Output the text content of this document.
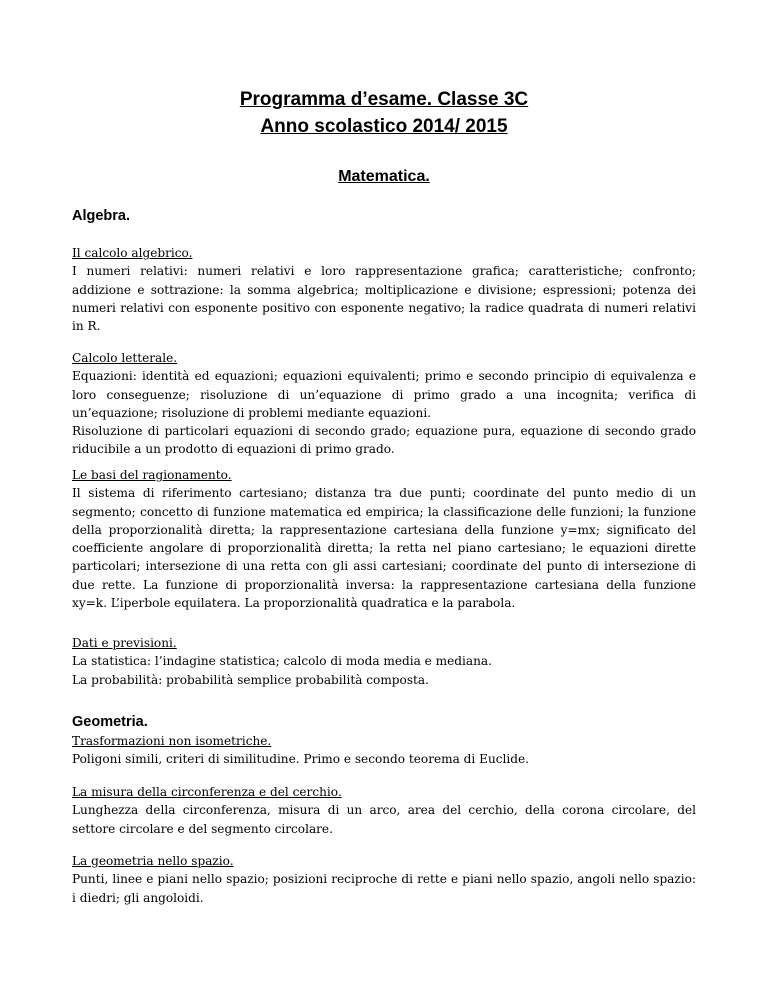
Programma d’esame. Classe 3C
Anno scolastico 2014/ 2015
Matematica.
Algebra.
Il calcolo algebrico.

I numeri relativi: numeri relativi e loro rappresentazione grafica; caratteristiche; confronto; addizione e sottrazione: la somma algebrica; moltiplicazione e divisione; espressioni; potenza dei numeri relativi con esponente positivo con esponente negativo; la radice quadrata di numeri relativi in R.

Calcolo letterale.

Equazioni: identità ed equazioni; equazioni equivalenti; primo e secondo principio di equivalenza e loro conseguenze; risoluzione di un’equazione di primo grado a una incognita; verifica di un’equazione; risoluzione di problemi mediante equazioni.

Risoluzione di particolari equazioni di secondo grado; equazione pura, equazione di secondo grado riducibile a un prodotto di equazioni di primo grado.

Le basi del ragionamento.

Il sistema di riferimento cartesiano; distanza tra due punti; coordinate del punto medio di un segmento; concetto di funzione matematica ed empirica; la classificazione delle funzioni; la funzione della proporzionalità diretta; la rappresentazione cartesiana della funzione y=mx; significato del coefficiente angolare di proporzionalità diretta; la retta nel piano cartesiano; le equazioni dirette particolari; intersezione di una retta con gli assi cartesiani; coordinate del punto di intersezione di due rette. La funzione di proporzionalità inversa: la rappresentazione cartesiana della funzione xy=k. L’iperbole equilatera. La proporzionalità quadratica e la parabola.

Dati e previsioni.

La statistica: l’indagine statistica; calcolo di moda media e mediana.

La probabilità: probabilità semplice probabilità composta.

Geometria.
Trasformazioni non isometriche.

Poligoni simili, criteri di similitudine. Primo e secondo teorema di Euclide.

La misura della circonferenza e del cerchio.

Lunghezza della circonferenza, misura di un arco, area del cerchio, della corona circolare, del settore circolare e del segmento circolare.

La geometria nello spazio.

Punti, linee e piani nello spazio; posizioni reciproche di rette e piani nello spazio, angoli nello spazio: i diedri; gli angoloidi.
